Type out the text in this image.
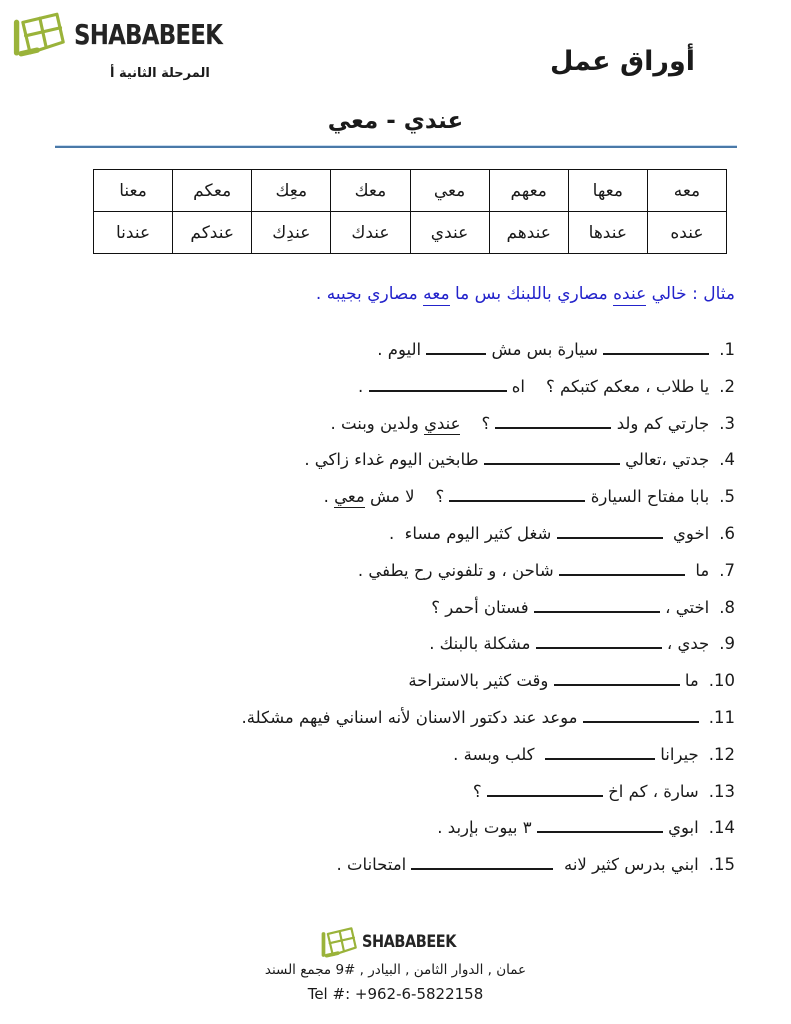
SHABABEEK
المرحلة الثانية أ	أوراق عمل
عندي - معي
معه	معها	معهم	معي	معك	معِك	معكم	معنا
عنده	عندها	عندهم	عندي	عندك	عندِك	عندكم	عندنا
مثال : خالي عنده مصاري باللبنك بس ما معه مصاري بجيبه .
1. سيارة بس مش  اليوم .
2.يا طلاب ، معكم كتبكم ؟    اه  .
3.جارتي كم ولد  ؟    عندي ولدين وبنت .
4.جدتي ،تعالي  طابخين اليوم غداء زاكي .
5.بابا مفتاح السيارة  ؟    لا مش معي .
6.اخوي   شغل كثير اليوم مساء  .
7.ما   شاحن ، و تلفوني رح يطفي .
8.اختي ،  فستان أحمر ؟
9.جدي ،  مشكلة بالبنك .
10.ما  وقت كثير بالاستراحة
11. موعد عند دكتور الاسنان لأنه اسناني فيهم مشكلة.
12.جيرانا   كلب وبسة .
13.سارة ، كم اخ  ؟
14.ابوي  ٣ بيوت بإربد .
15.ابني بدرس كثير لانه   امتحانات .
SHABABEEK
عمان , الدوار الثامن , البيادر , #9 مجمع السند
Tel #: +962-6-5822158
